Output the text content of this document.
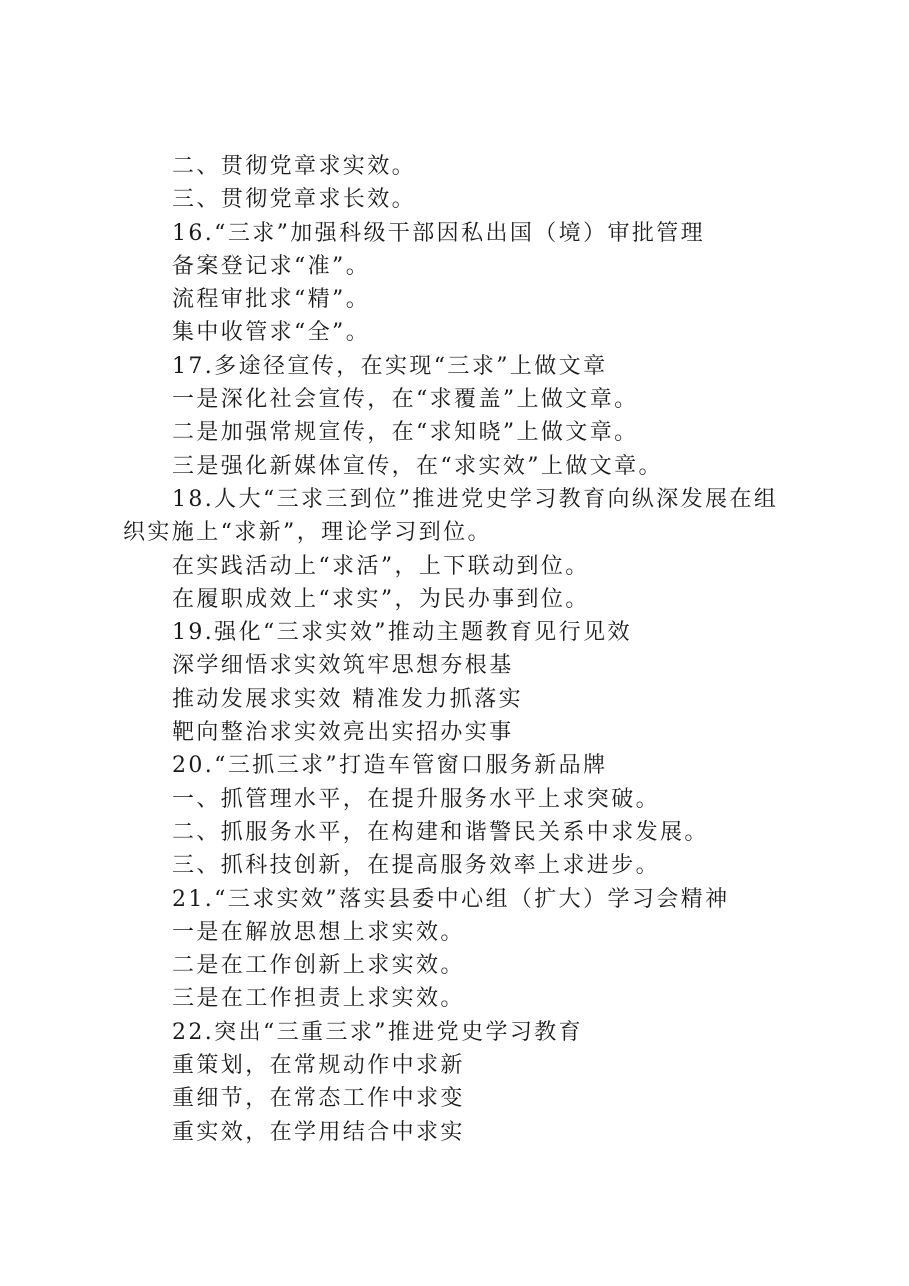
二、贯彻党章求实效。
三、贯彻党章求长效。
16.“三求”加强科级干部因私出国（境）审批管理
备案登记求“准”。
流程审批求“精”。
集中收管求“全”。
17.多途径宣传，在实现“三求”上做文章
一是深化社会宣传，在“求覆盖”上做文章。
二是加强常规宣传，在“求知晓”上做文章。
三是强化新媒体宣传，在“求实效”上做文章。
18.人大“三求三到位”推进党史学习教育向纵深发展在组
织实施上“求新”，理论学习到位。
在实践活动上“求活”，上下联动到位。
在履职成效上“求实”，为民办事到位。
19.强化“三求实效”推动主题教育见行见效
深学细悟求实效筑牢思想夯根基
推动发展求实效 精准发力抓落实
靶向整治求实效亮出实招办实事
20.“三抓三求”打造车管窗口服务新品牌
一、抓管理水平，在提升服务水平上求突破。
二、抓服务水平，在构建和谐警民关系中求发展。
三、抓科技创新，在提高服务效率上求进步。
21.“三求实效”落实县委中心组（扩大）学习会精神
一是在解放思想上求实效。
二是在工作创新上求实效。
三是在工作担责上求实效。
22.突出“三重三求”推进党史学习教育
重策划，在常规动作中求新
重细节，在常态工作中求变
重实效，在学用结合中求实
